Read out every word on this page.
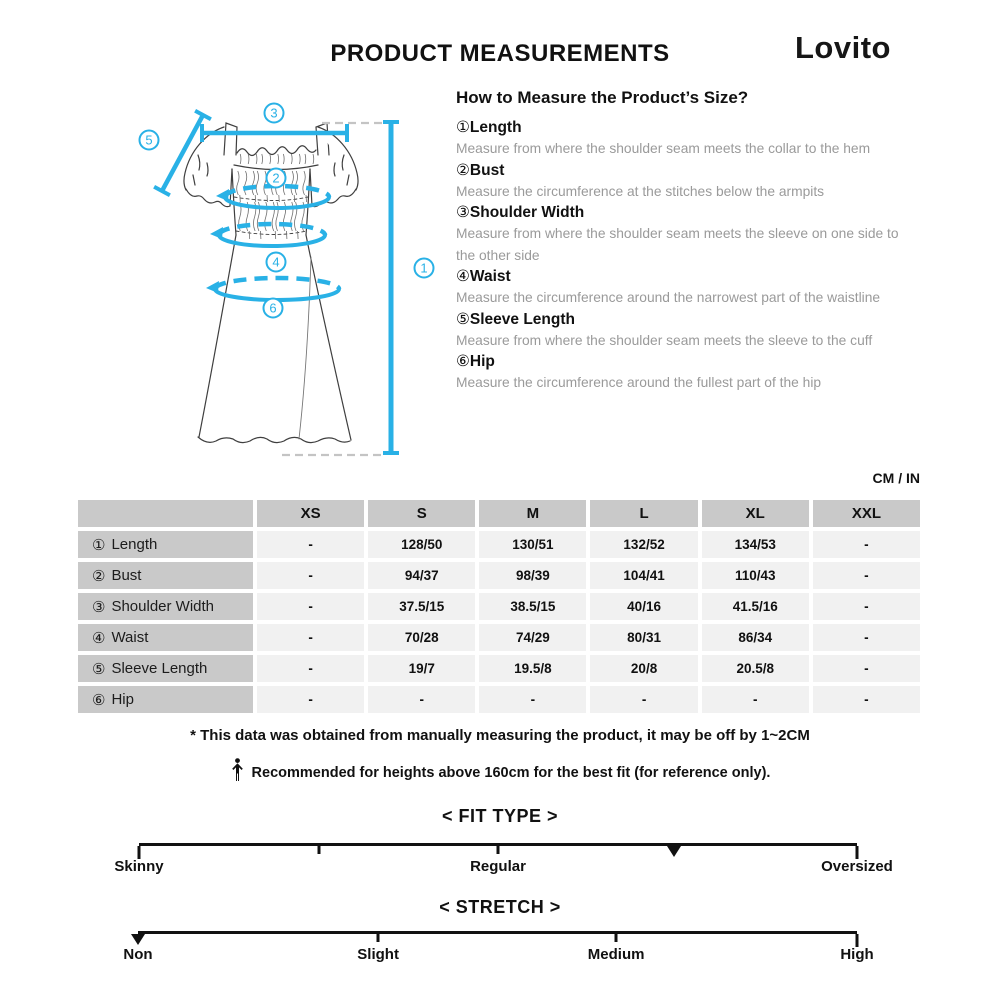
PRODUCT MEASUREMENTS	Lovito
1
2
3
4
5
6
How to Measure the Product’s Size?
①Length
Measure from where the shoulder seam meets the collar to the hem
②Bust
Measure the circumference at the stitches below the armpits
③Shoulder Width
Measure from where the shoulder seam meets the sleeve on one side to the other side
④Waist
Measure the circumference around the narrowest part of the waistline
⑤Sleeve Length
Measure from where the shoulder seam meets the sleeve to the cuff
⑥Hip
Measure the circumference around the fullest part of the hip
CM / IN
XS	S	M	L	XL	XXL
① Length	-	128/50	130/51	132/52	134/53	-
② Bust	-	94/37	98/39	104/41	110/43	-
③ Shoulder Width	-	37.5/15	38.5/15	40/16	41.5/16	-
④ Waist	-	70/28	74/29	80/31	86/34	-
⑤ Sleeve Length	-	19/7	19.5/8	20/8	20.5/8	-
⑥ Hip	-	-	-	-	-	-
* This data was obtained from manually measuring the product, it may be off by 1~2CM
Recommended for heights above 160cm for the best fit (for reference only).
< FIT TYPE >
Skinny	Regular	Oversized
< STRETCH >
Non	Slight	Medium	High
